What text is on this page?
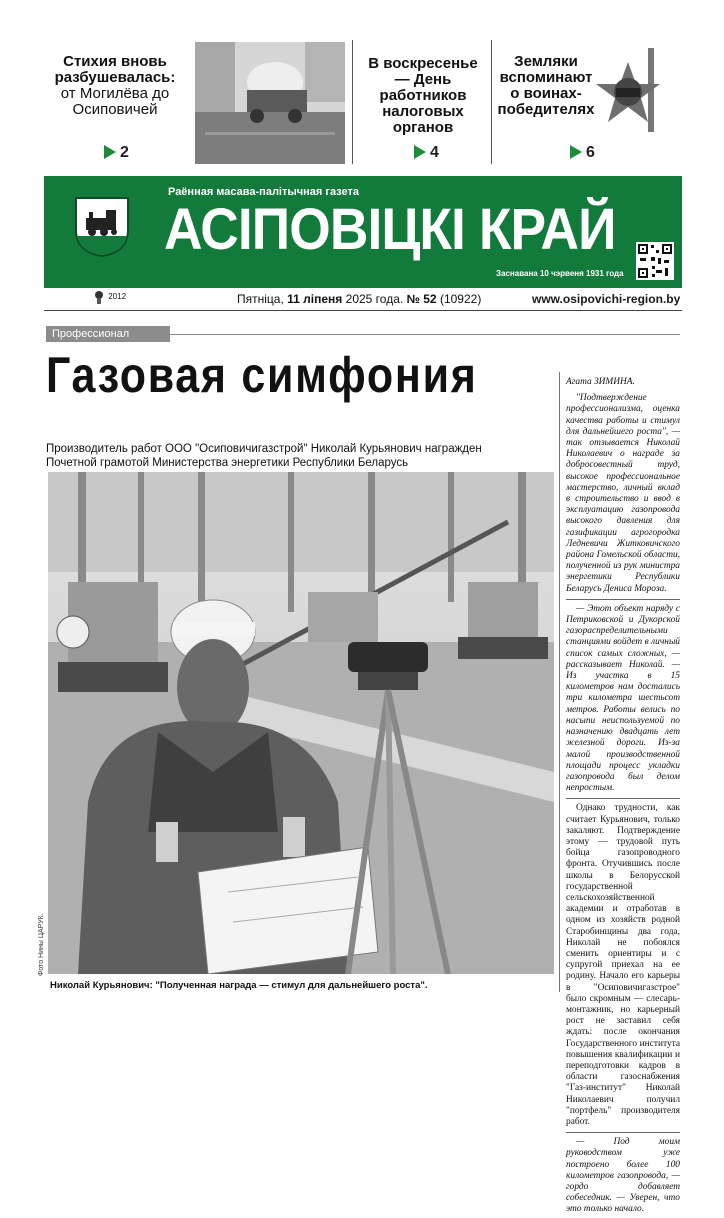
Стихия вновь разбушевалась:
от Могилёва до Осиповичей
2
В воскресенье — День работников налоговых органов
4
Земляки вспоминают о воинах-победителях
6
Раённая масава-палітычная газета
АСІПОВІЦКІ КРАЙ
Заснавана 10 чэрвеня 1931 года
2012	Пятніца, 11 ліпеня 2025 года. № 52 (10922)	www.osipovichi-region.by
Профессионал
Газовая симфония
Производитель работ ООО "Осиповичигазстрой" Николай Курьянович награжден Почетной грамотой Министерства энергетики Республики Беларусь
Фото Нины ЦАРУК.
Николай Курьянович: "Полученная награда — стимул для дальнейшего роста".
Агата ЗИМИНА.

"Подтверждение профессионализма, оценка качества работы и стимул для дальнейшего роста", — так отзывается Николай Николаевич о награде за добросовестный труд, высокое профессиональное мастерство, личный вклад в строительство и ввод в эксплуатацию газопровода высокого давления для газификации агрогородка Ледневичи Житковичского района Гомельской области, полученной из рук министра энергетики Республики Беларусь Дениса Мороза.

— Этот объект наряду с Петриковской и Дукорской газораспределительными станциями войдет в личный список самых сложных, — рассказывает Николай. — Из участка в 15 километров нам достались три километра шестьсот метров. Работы велись по насыпи неиспользуемой по назначению двадцать лет железной дороги. Из-за малой производственной площади процесс укладки газопровода был делом непростым.

Однако трудности, как считает Курьянович, только закаляют. Подтверждение этому — трудовой путь бойца газопроводного фронта. Отучившись после школы в Белорусской государственной сельскохозяйственной академии и отработав в одном из хозяйств родной Старобинщины два года, Николай не побоялся сменить ориентиры и с супругой приехал на ее родину. Начало его карьеры в "Осиповичигазстрое" было скромным — слесарь-монтажник, но карьерный рост не заставил себя ждать: после окончания Государственного института повышения квалификации и переподготовки кадров в области газоснабжения "Газ-институт" Николай Николаевич получил "портфель" производителя работ.

— Под моим руководством уже построено более 100 километров газопровода, — гордо добавляет собеседник. — Уверен, что это только начало.
